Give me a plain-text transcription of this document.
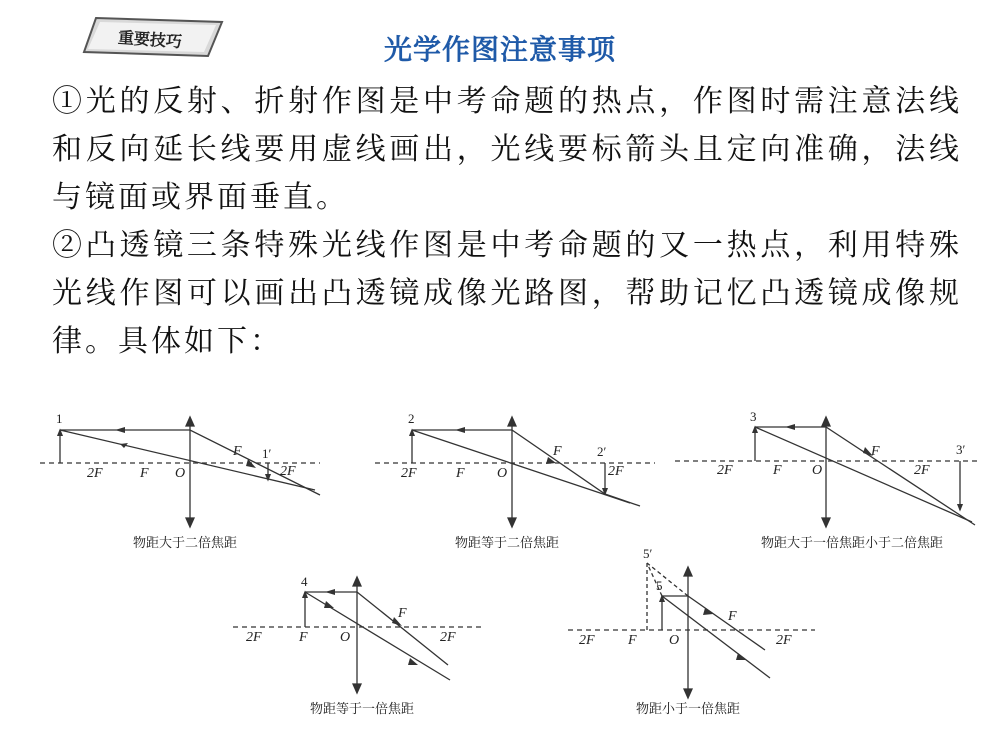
重要技巧	光学作图注意事项
①光的反射、折射作图是中考命题的热点，作图时需注意法线和反向延长线要用虚线画出，光线要标箭头且定向准确，法线与镜面或界面垂直。
②凸透镜三条特殊光线作图是中考命题的又一热点，利用特殊光线作图可以画出凸透镜成像光路图，帮助记忆凸透镜成像规律。具体如下：
1
1′
2F	F O
F
2F
物距大于二倍焦距
2
2′
2F	F O
F
2F
物距等于二倍焦距
3
3′
2F	F O
F
2F
物距大于一倍焦距小于二倍焦距
4
2F	F O
F
2F
物距等于一倍焦距
5′
5
2F F O
F
2F
物距小于一倍焦距
